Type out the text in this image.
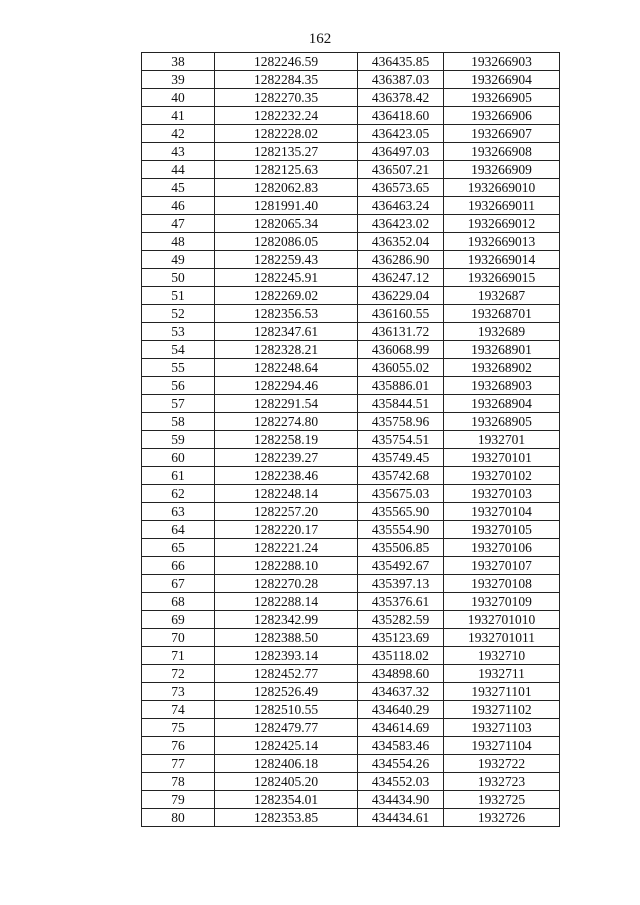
162
38	1282246.59	436435.85	193266903
39	1282284.35	436387.03	193266904
40	1282270.35	436378.42	193266905
41	1282232.24	436418.60	193266906
42	1282228.02	436423.05	193266907
43	1282135.27	436497.03	193266908
44	1282125.63	436507.21	193266909
45	1282062.83	436573.65	1932669010
46	1281991.40	436463.24	1932669011
47	1282065.34	436423.02	1932669012
48	1282086.05	436352.04	1932669013
49	1282259.43	436286.90	1932669014
50	1282245.91	436247.12	1932669015
51	1282269.02	436229.04	1932687
52	1282356.53	436160.55	193268701
53	1282347.61	436131.72	1932689
54	1282328.21	436068.99	193268901
55	1282248.64	436055.02	193268902
56	1282294.46	435886.01	193268903
57	1282291.54	435844.51	193268904
58	1282274.80	435758.96	193268905
59	1282258.19	435754.51	1932701
60	1282239.27	435749.45	193270101
61	1282238.46	435742.68	193270102
62	1282248.14	435675.03	193270103
63	1282257.20	435565.90	193270104
64	1282220.17	435554.90	193270105
65	1282221.24	435506.85	193270106
66	1282288.10	435492.67	193270107
67	1282270.28	435397.13	193270108
68	1282288.14	435376.61	193270109
69	1282342.99	435282.59	1932701010
70	1282388.50	435123.69	1932701011
71	1282393.14	435118.02	1932710
72	1282452.77	434898.60	1932711
73	1282526.49	434637.32	193271101
74	1282510.55	434640.29	193271102
75	1282479.77	434614.69	193271103
76	1282425.14	434583.46	193271104
77	1282406.18	434554.26	1932722
78	1282405.20	434552.03	1932723
79	1282354.01	434434.90	1932725
80	1282353.85	434434.61	1932726
